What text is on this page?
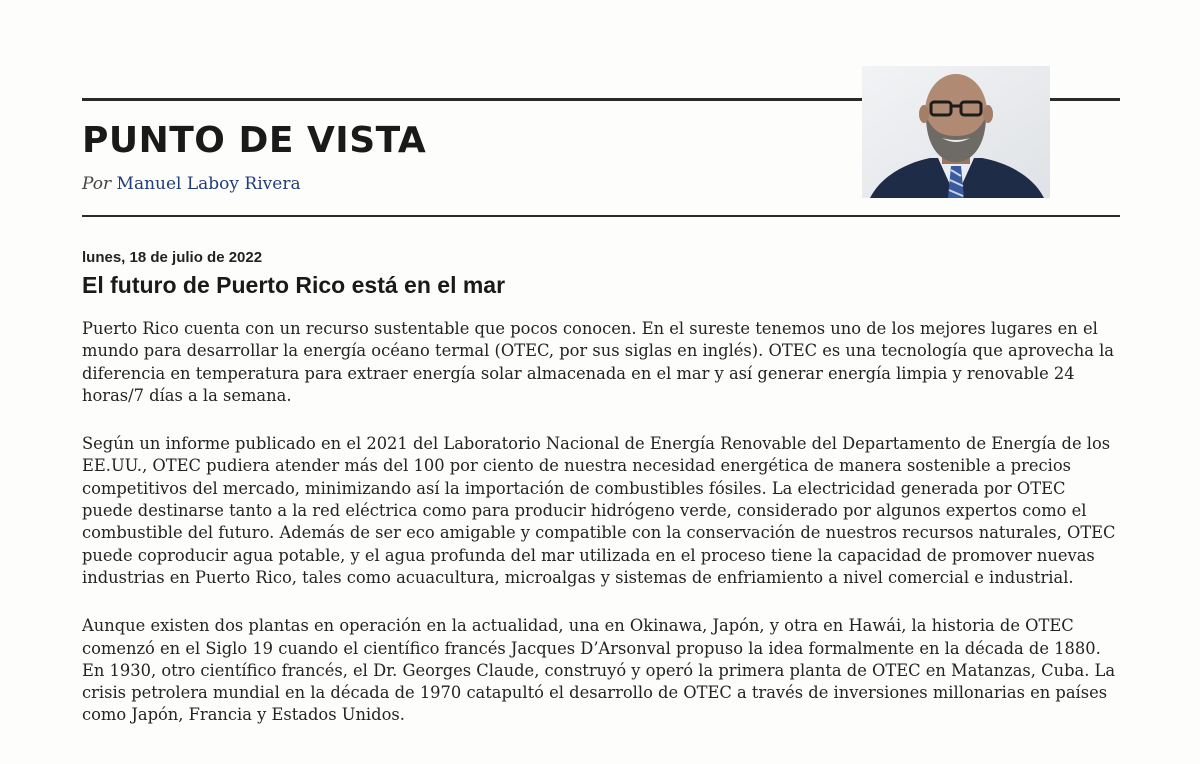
PUNTO DE VISTA
Por Manuel Laboy Rivera
lunes, 18 de julio de 2022
El futuro de Puerto Rico está en el mar

Puerto Rico cuenta con un recurso sustentable que pocos conocen. En el sureste tenemos uno de los mejores lugares en el
mundo para desarrollar la energía océano termal (OTEC, por sus siglas en inglés). OTEC es una tecnología que aprovecha la
diferencia en temperatura para extraer energía solar almacenada en el mar y así generar energía limpia y renovable 24
horas/7 días a la semana.

Según un informe publicado en el 2021 del Laboratorio Nacional de Energía Renovable del Departamento de Energía de los
EE.UU., OTEC pudiera atender más del 100 por ciento de nuestra necesidad energética de manera sostenible a precios
competitivos del mercado, minimizando así la importación de combustibles fósiles. La electricidad generada por OTEC
puede destinarse tanto a la red eléctrica como para producir hidrógeno verde, considerado por algunos expertos como el
combustible del futuro. Además de ser eco amigable y compatible con la conservación de nuestros recursos naturales, OTEC
puede coproducir agua potable, y el agua profunda del mar utilizada en el proceso tiene la capacidad de promover nuevas
industrias en Puerto Rico, tales como acuacultura, microalgas y sistemas de enfriamiento a nivel comercial e industrial.

Aunque existen dos plantas en operación en la actualidad, una en Okinawa, Japón, y otra en Hawái, la historia de OTEC
comenzó en el Siglo 19 cuando el científico francés Jacques D’Arsonval propuso la idea formalmente en la década de 1880.
En 1930, otro científico francés, el Dr. Georges Claude, construyó y operó la primera planta de OTEC en Matanzas, Cuba. La
crisis petrolera mundial en la década de 1970 catapultó el desarrollo de OTEC a través de inversiones millonarias en países
como Japón, Francia y Estados Unidos.
